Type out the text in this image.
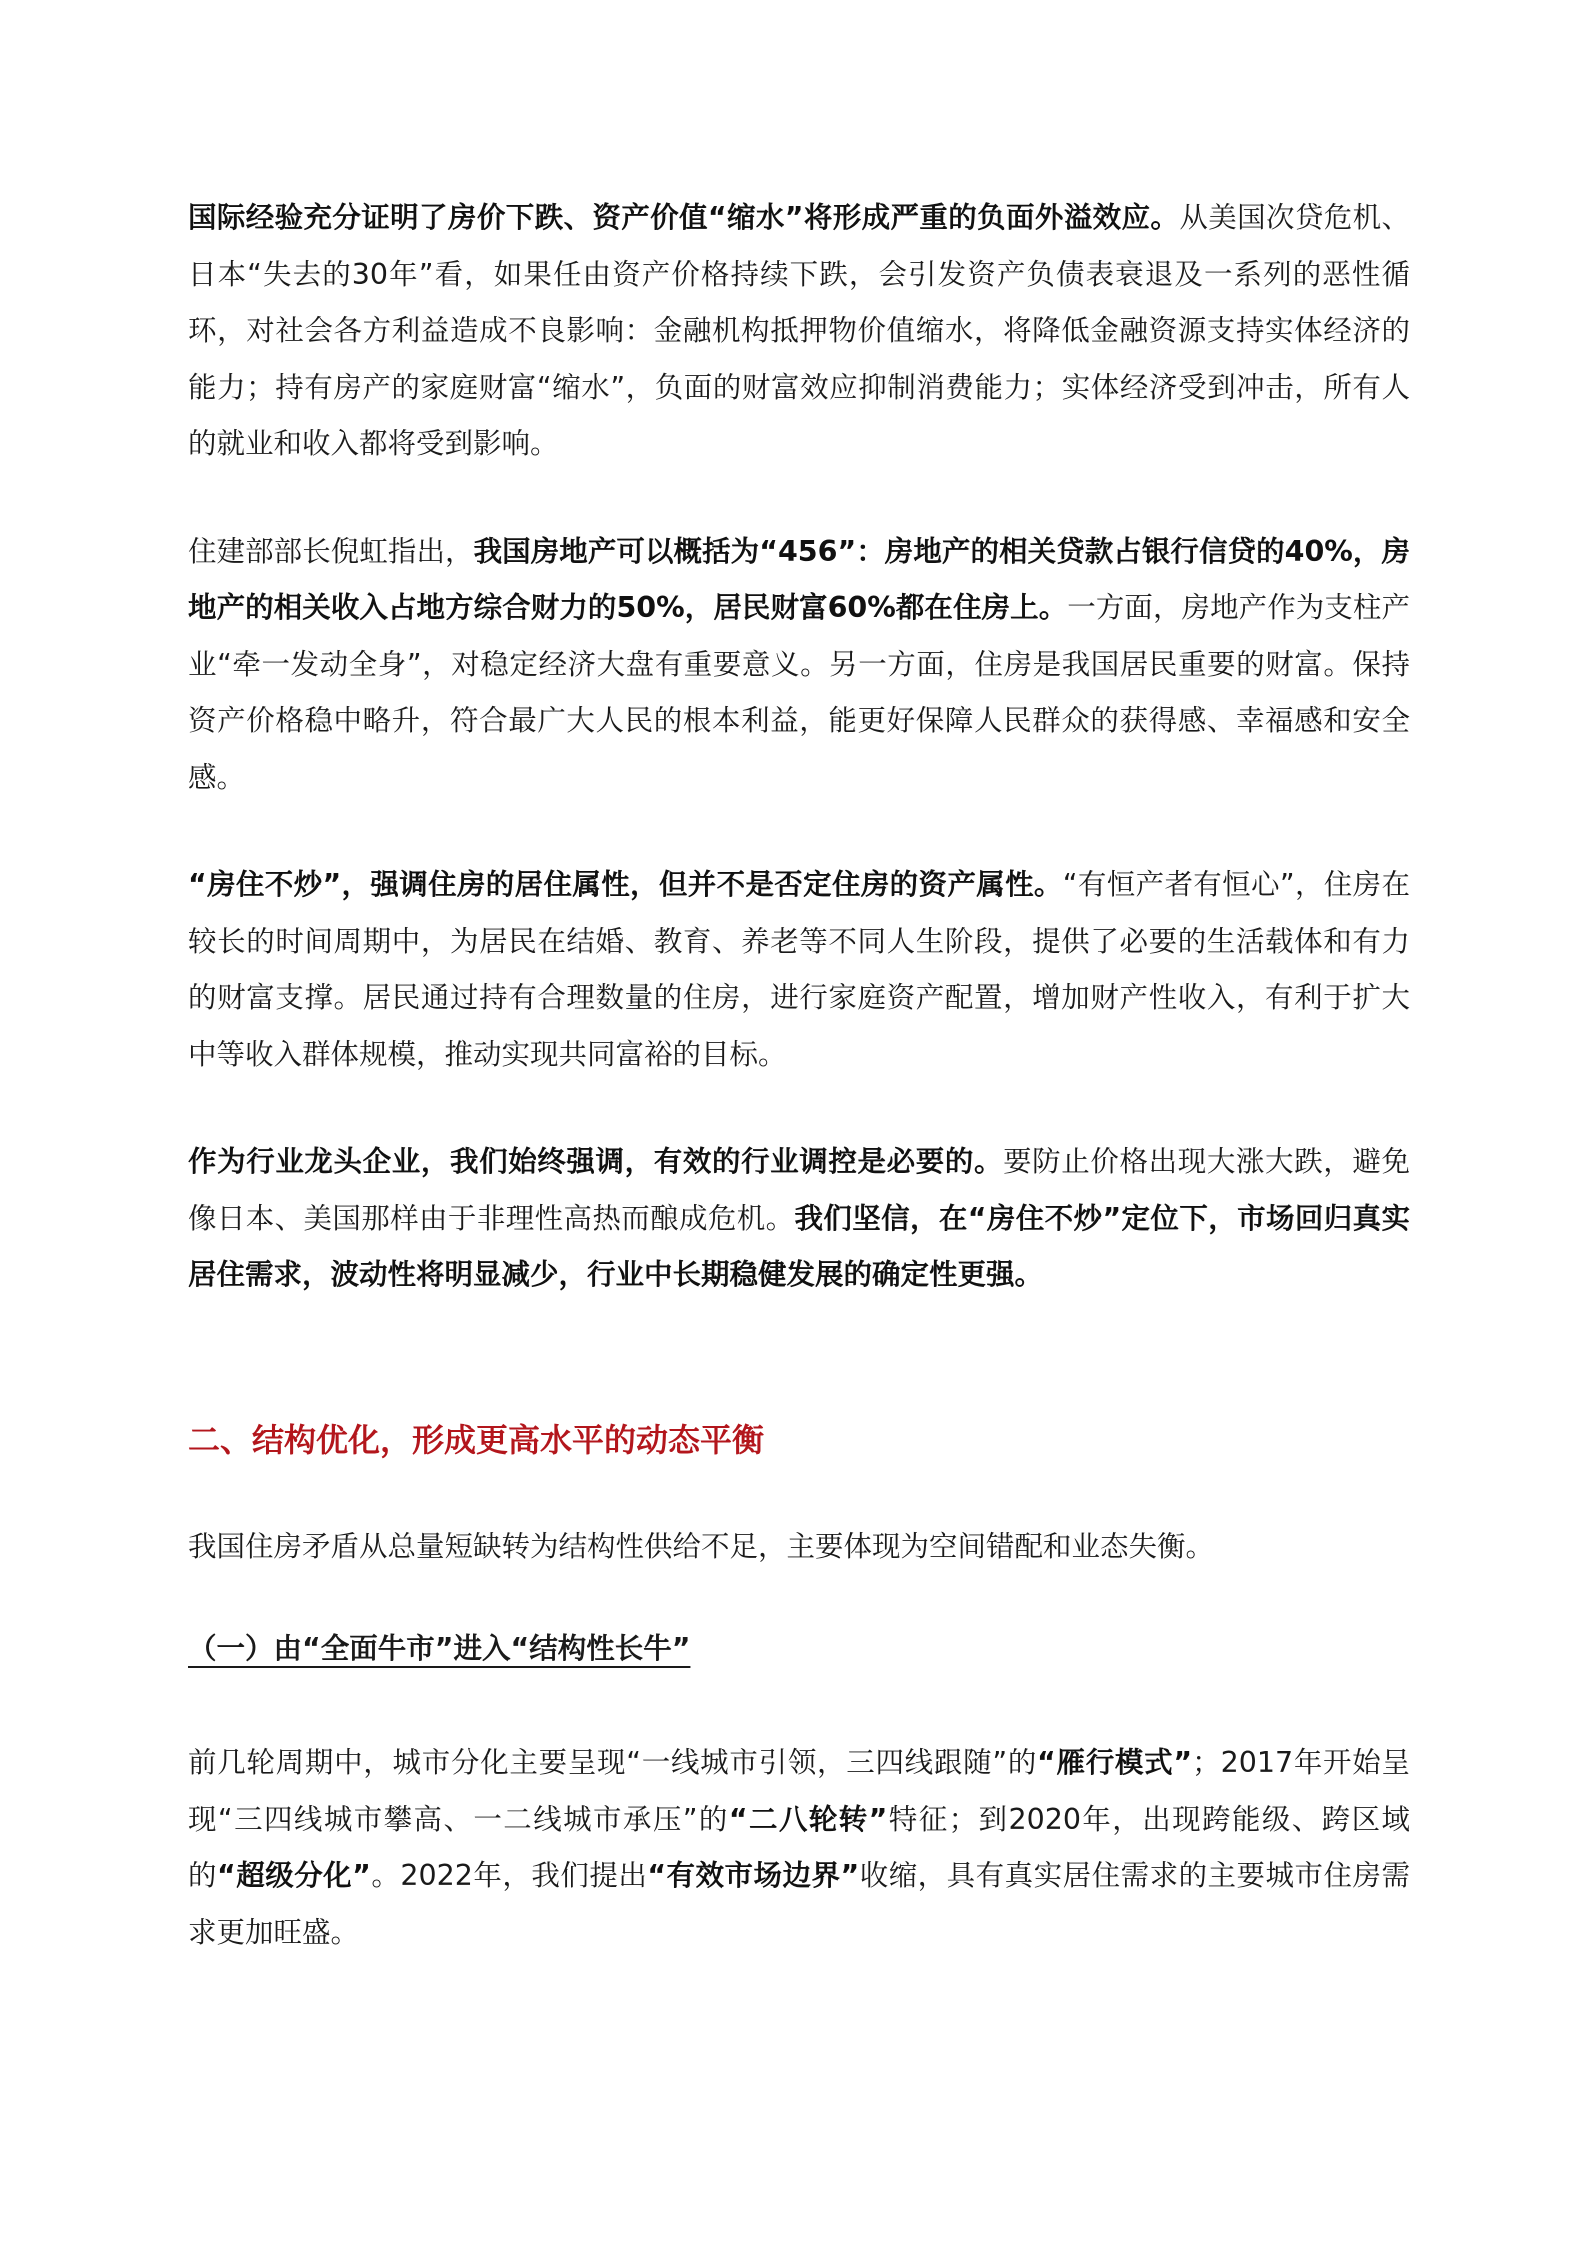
国际经验充分证明了房价下跌、资产价值“缩水”将形成严重的负面外溢效应。从美国次贷危机、日本“失去的30年”看，如果任由资产价格持续下跌，会引发资产负债表衰退及一系列的恶性循环，对社会各方利益造成不良影响：金融机构抵押物价值缩水，将降低金融资源支持实体经济的能力；持有房产的家庭财富“缩水”，负面的财富效应抑制消费能力；实体经济受到冲击，所有人的就业和收入都将受到影响。

住建部部长倪虹指出，我国房地产可以概括为“456”：房地产的相关贷款占银行信贷的40%，房地产的相关收入占地方综合财力的50%，居民财富60%都在住房上。一方面，房地产作为支柱产业“牵一发动全身”，对稳定经济大盘有重要意义。另一方面，住房是我国居民重要的财富。保持资产价格稳中略升，符合最广大人民的根本利益，能更好保障人民群众的获得感、幸福感和安全感。

“房住不炒”，强调住房的居住属性，但并不是否定住房的资产属性。“有恒产者有恒心”，住房在较长的时间周期中，为居民在结婚、教育、养老等不同人生阶段，提供了必要的生活载体和有力的财富支撑。居民通过持有合理数量的住房，进行家庭资产配置，增加财产性收入，有利于扩大中等收入群体规模，推动实现共同富裕的目标。

作为行业龙头企业，我们始终强调，有效的行业调控是必要的。要防止价格出现大涨大跌，避免像日本、美国那样由于非理性高热而酿成危机。我们坚信，在“房住不炒”定位下，市场回归真实居住需求，波动性将明显减少，行业中长期稳健发展的确定性更强。

二、结构优化，形成更高水平的动态平衡

我国住房矛盾从总量短缺转为结构性供给不足，主要体现为空间错配和业态失衡。

（一）由“全面牛市”进入“结构性长牛”

前几轮周期中，城市分化主要呈现“一线城市引领，三四线跟随”的“雁行模式”；2017年开始呈现“三四线城市攀高、一二线城市承压”的“二八轮转”特征；到2020年，出现跨能级、跨区域的“超级分化”。2022年，我们提出“有效市场边界”收缩，具有真实居住需求的主要城市住房需求更加旺盛。
